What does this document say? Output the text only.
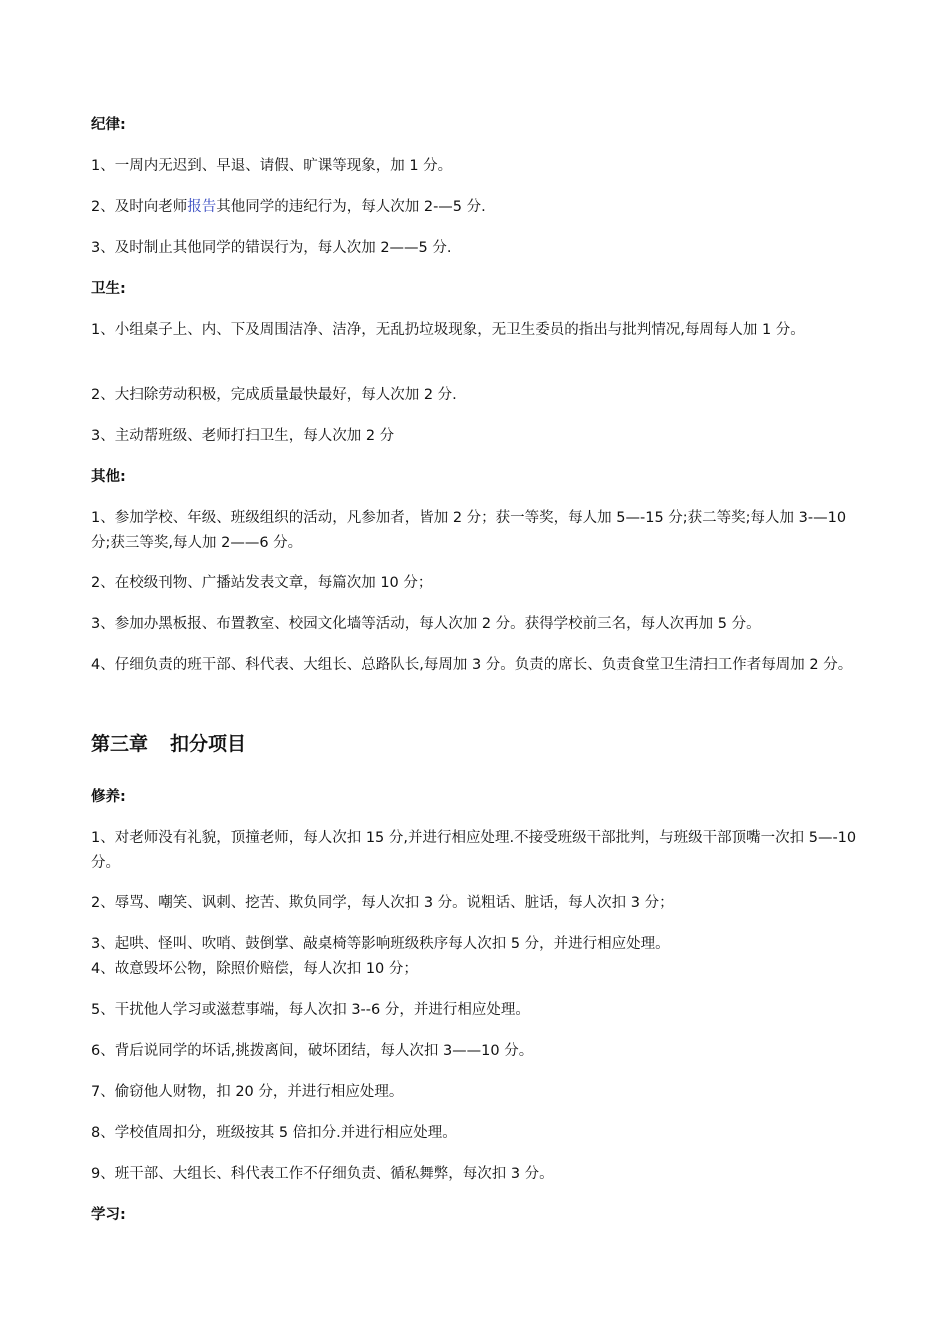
纪律:

1、一周内无迟到、早退、请假、旷课等现象，加 1 分。

2、及时向老师报告其他同学的违纪行为，每人次加 2-—5 分.

3、及时制止其他同学的错误行为，每人次加 2——5 分.

卫生:

1、小组桌子上、内、下及周围洁净、洁净，无乱扔垃圾现象，无卫生委员的指出与批判情况,每周每人加 1 分。

2、大扫除劳动积极，完成质量最快最好，每人次加 2 分.

3、主动帮班级、老师打扫卫生，每人次加 2 分

其他:

1、参加学校、年级、班级组织的活动，凡参加者，皆加 2 分；获一等奖，每人加 5—-15 分;获二等奖;每人加 3-—10 分;获三等奖,每人加 2——6 分。

2、在校级刊物、广播站发表文章，每篇次加 10 分；

3、参加办黑板报、布置教室、校园文化墙等活动，每人次加 2 分。获得学校前三名，每人次再加 5 分。

4、仔细负责的班干部、科代表、大组长、总路队长,每周加 3 分。负责的席长、负责食堂卫生清扫工作者每周加 2 分。

第三章 扣分项目

修养:

1、对老师没有礼貌，顶撞老师，每人次扣 15 分,并进行相应处理.不接受班级干部批判，与班级干部顶嘴一次扣 5—-10 分。

2、辱骂、嘲笑、讽刺、挖苦、欺负同学，每人次扣 3 分。说粗话、脏话，每人次扣 3 分；

3、起哄、怪叫、吹哨、鼓倒掌、敲桌椅等影响班级秩序每人次扣 5 分，并进行相应处理。

4、故意毁坏公物，除照价赔偿，每人次扣 10 分；

5、干扰他人学习或滋惹事端，每人次扣 3--6 分，并进行相应处理。

6、背后说同学的坏话,挑拨离间，破坏团结，每人次扣 3——10 分。

7、偷窃他人财物，扣 20 分，并进行相应处理。

8、学校值周扣分，班级按其 5 倍扣分.并进行相应处理。

9、班干部、大组长、科代表工作不仔细负责、循私舞弊，每次扣 3 分。

学习:
